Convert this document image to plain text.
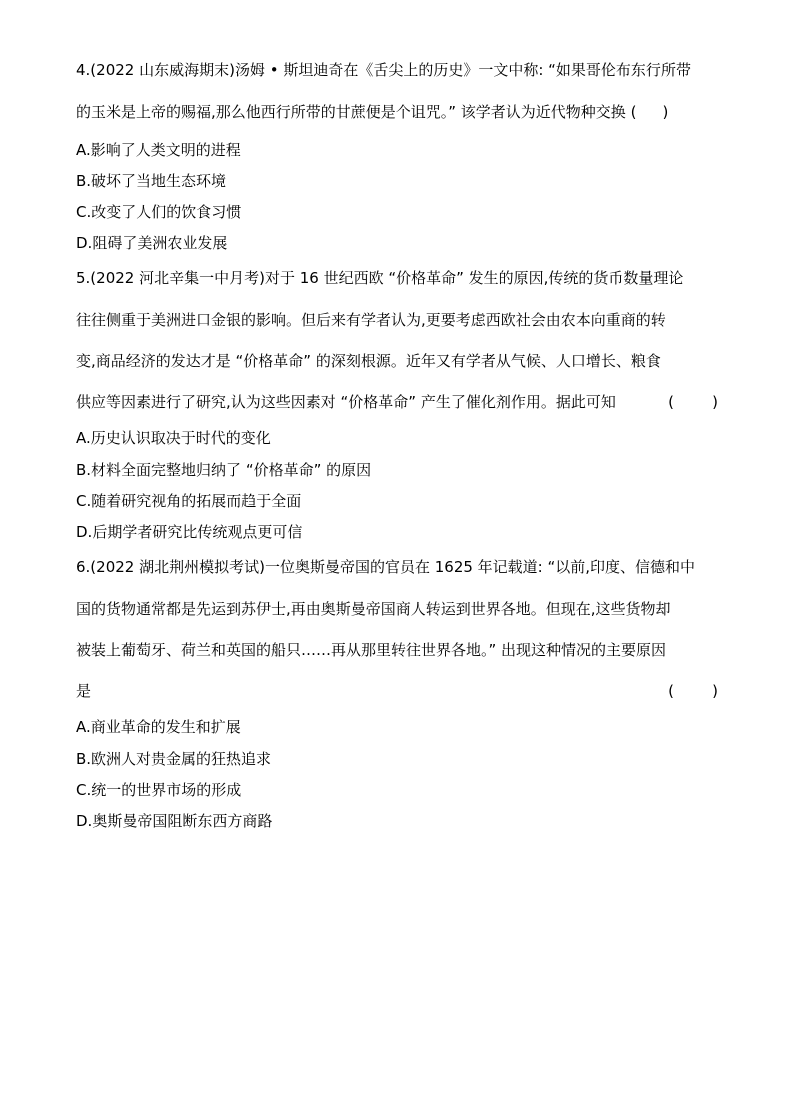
4.(2022 山东威海期末)汤姆 • 斯坦迪奇在《舌尖上的历史》一文中称: “如果哥伦布东行所带
的玉米是上帝的赐福,那么他西行所带的甘蔗便是个诅咒。” 该学者认为近代物种交换 ( )
A.影响了人类文明的进程
B.破坏了当地生态环境
C.改变了人们的饮食习惯
D.阻碍了美洲农业发展
5.(2022 河北辛集一中月考)对于 16 世纪西欧 “价格革命” 发生的原因,传统的货币数量理论
往往侧重于美洲进口金银的影响。但后来有学者认为,更要考虑西欧社会由农本向重商的转
变,商品经济的发达才是 “价格革命” 的深刻根源。近年又有学者从气候、人口增长、粮食
供应等因素进行了研究,认为这些因素对 “价格革命” 产生了催化剂作用。据此可知	(        )
A.历史认识取决于时代的变化
B.材料全面完整地归纳了 “价格革命” 的原因
C.随着研究视角的拓展而趋于全面
D.后期学者研究比传统观点更可信
6.(2022 湖北荆州模拟考试)一位奥斯曼帝国的官员在 1625 年记载道: “以前,印度、信德和中
国的货物通常都是先运到苏伊士,再由奥斯曼帝国商人转运到世界各地。但现在,这些货物却
被装上葡萄牙、荷兰和英国的船只……再从那里转往世界各地。” 出现这种情况的主要原因
是	(        )
A.商业革命的发生和扩展
B.欧洲人对贵金属的狂热追求
C.统一的世界市场的形成
D.奥斯曼帝国阻断东西方商路
